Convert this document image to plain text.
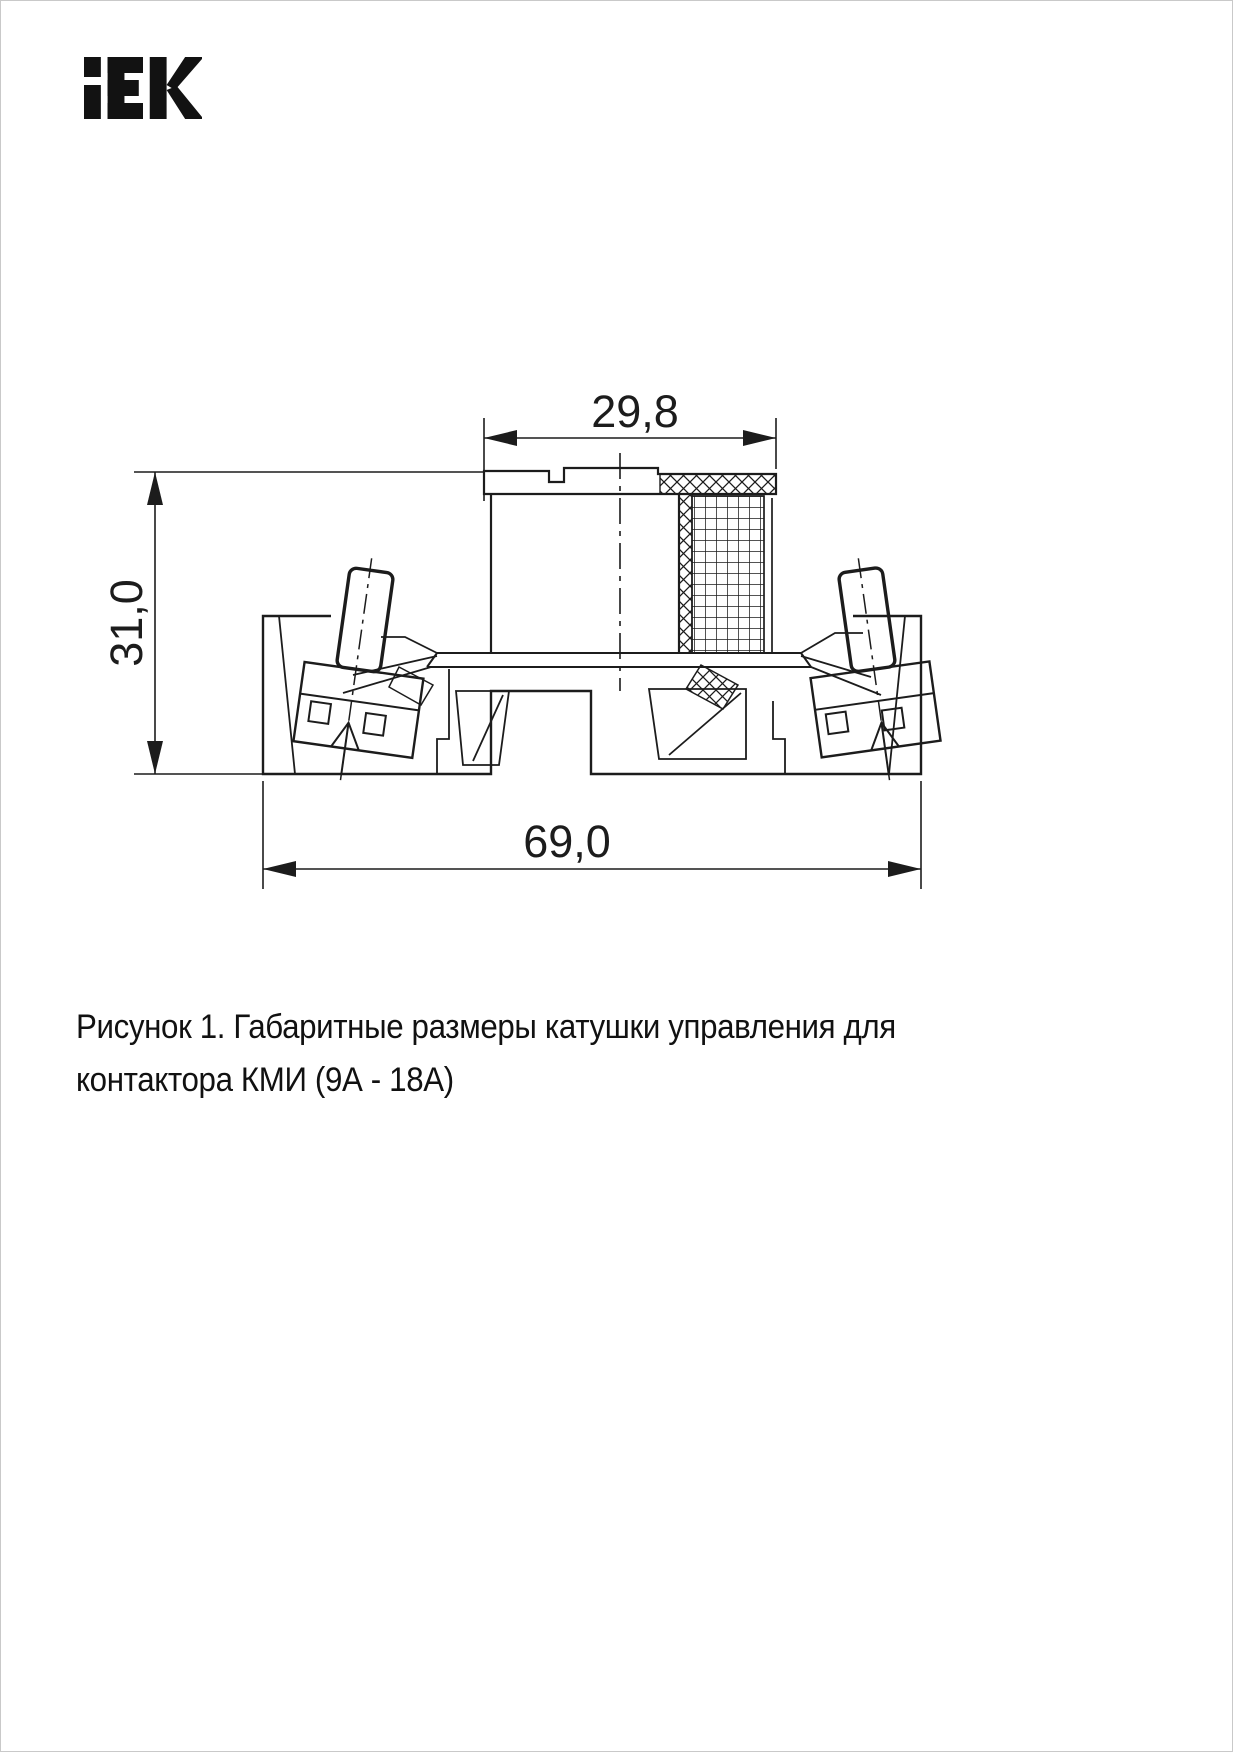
29,8
31,0
69,0
Рисунок 1. Габаритные размеры катушки управления для
контактора КМИ (9А - 18А)
